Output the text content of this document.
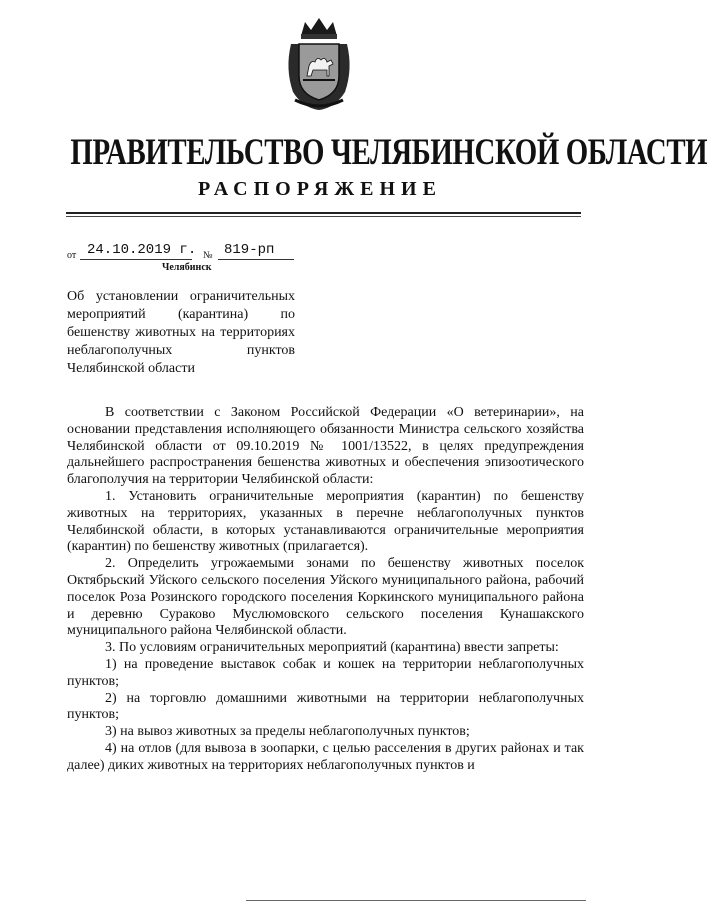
ПРАВИТЕЛЬСТВО ЧЕЛЯБИНСКОЙ ОБЛАСТИ
РАСПОРЯЖЕНИЕ
от 24.10.2019 г. № 819-рп
Челябинск
Об установлении ограничительных мероприятий (карантина) по бешенству животных на территориях неблагополучных пунктов Челябинской области

В соответствии с Законом Российской Федерации «О ветеринарии», на основании представления исполняющего обязанности Министра сельского хозяйства Челябинской области от 09.10.2019 № 1001/13522, в целях предупреждения дальнейшего распространения бешенства животных и обеспечения эпизоотического благополучия на территории Челябинской области:

1. Установить ограничительные мероприятия (карантин) по бешенству животных на территориях, указанных в перечне неблагополучных пунктов Челябинской области, в которых устанавливаются ограничительные мероприятия (карантин) по бешенству животных (прилагается).

2. Определить угрожаемыми зонами по бешенству животных поселок Октябрьский Уйского сельского поселения Уйского муниципального района, рабочий поселок Роза Розинского городского поселения Коркинского муниципального района и деревню Сураково Муслюмовского сельского поселения Кунашакского муниципального района Челябинской области.

3. По условиям ограничительных мероприятий (карантина) ввести запреты:

1) на проведение выставок собак и кошек на территории неблагополучных пунктов;

2) на торговлю домашними животными на территории неблагополучных пунктов;

3) на вывоз животных за пределы неблагополучных пунктов;

4) на отлов (для вывоза в зоопарки, с целью расселения в других районах и так далее) диких животных на территориях неблагополучных пунктов и
